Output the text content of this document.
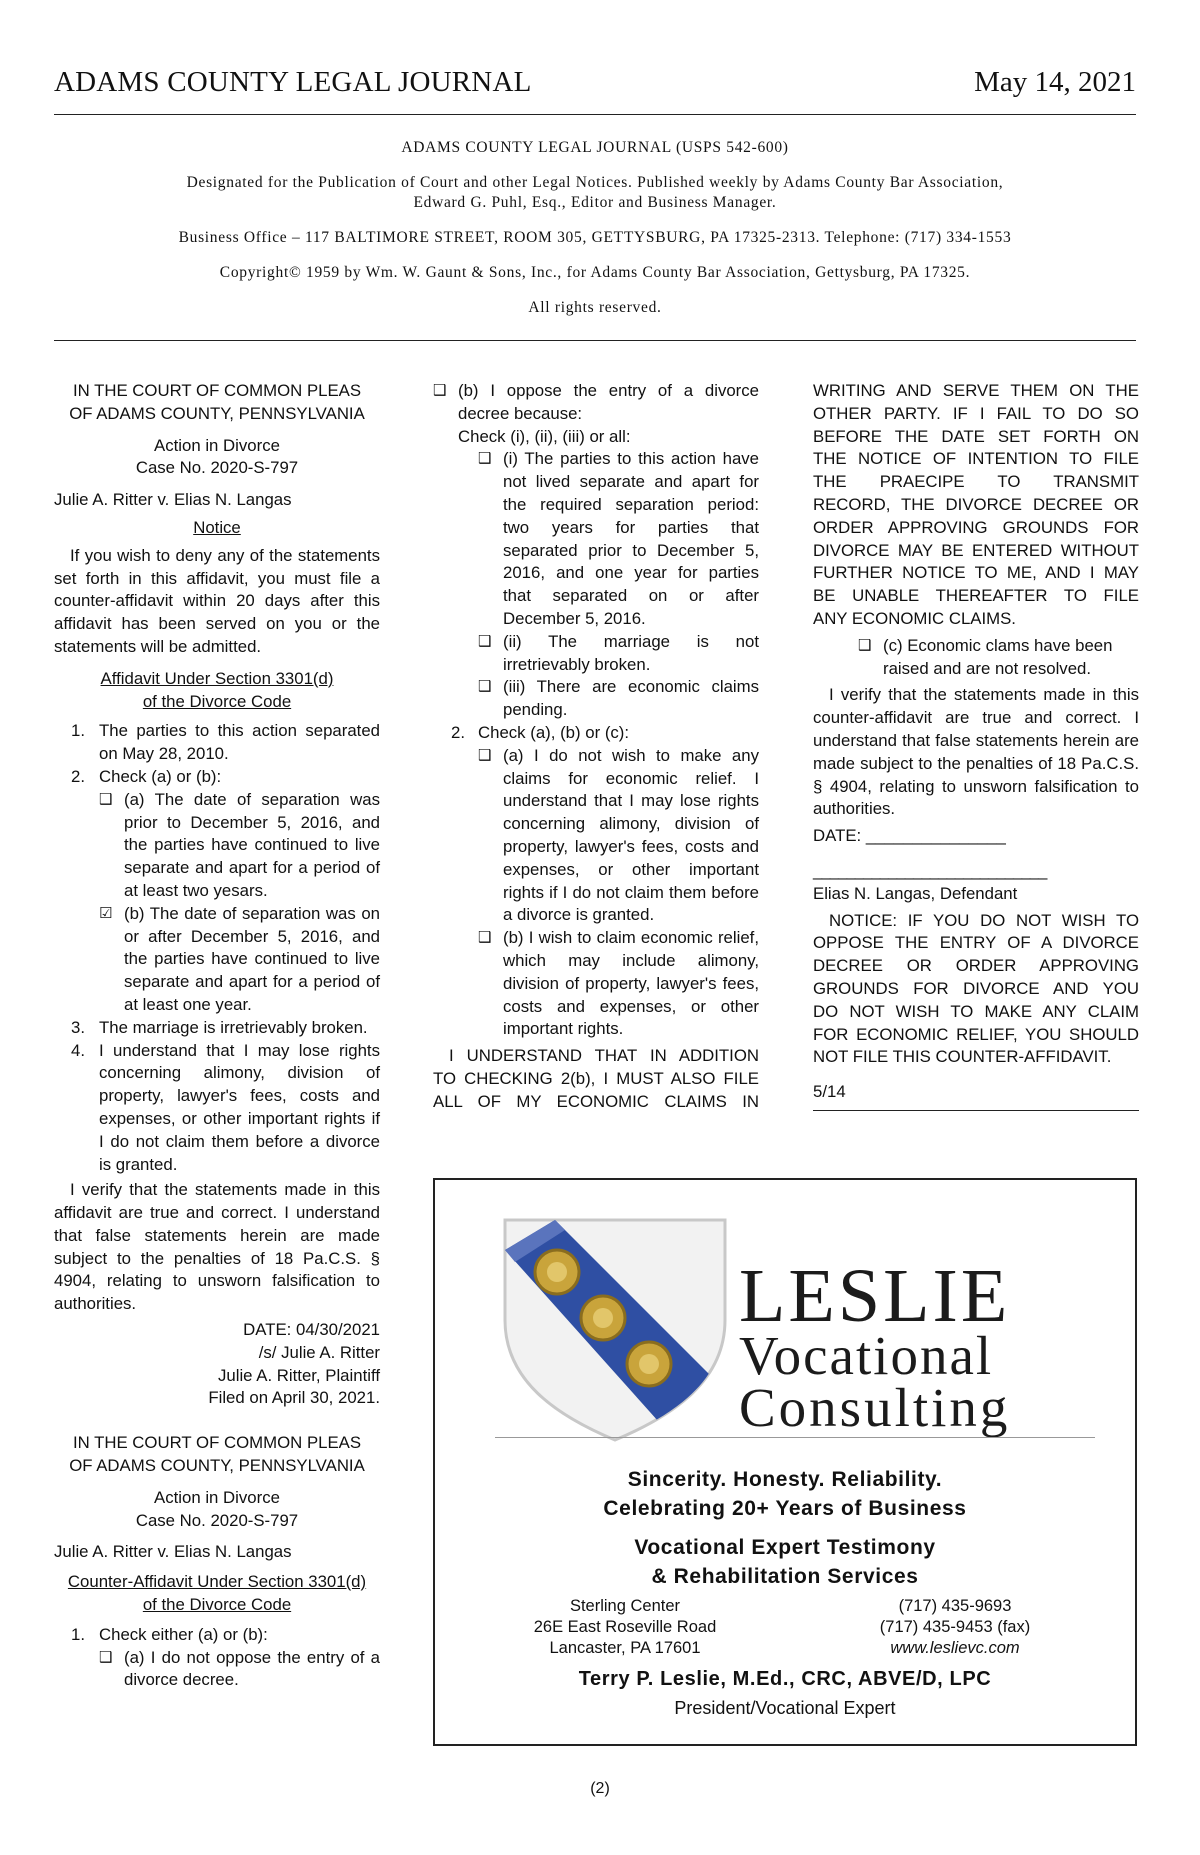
ADAMS COUNTY LEGAL JOURNAL	May 14, 2021

ADAMS COUNTY LEGAL JOURNAL (USPS 542-600)

Designated for the Publication of Court and other Legal Notices. Published weekly by Adams County Bar Association,
Edward G. Puhl, Esq., Editor and Business Manager.

Business Office – 117 BALTIMORE STREET, ROOM 305, GETTYSBURG, PA 17325-2313. Telephone: (717) 334-1553

Copyright© 1959 by Wm. W. Gaunt & Sons, Inc., for Adams County Bar Association, Gettysburg, PA 17325.

All rights reserved.

IN THE COURT OF COMMON PLEAS
OF ADAMS COUNTY, PENNSYLVANIA
Action in Divorce
Case No. 2020-S-797
Julie A. Ritter v. Elias N. Langas
Notice
If you wish to deny any of the statements set forth in this affidavit, you must file a counter-affidavit within 20 days after this affidavit has been served on you or the statements will be admitted.
Affidavit Under Section 3301(d)
of the Divorce Code
1. The parties to this action separated on May 28, 2010.
2. Check (a) or (b):
❑ (a) The date of separation was prior to December 5, 2016, and the parties have continued to live separate and apart for a period of at least two yesars.
☑ (b) The date of separation was on or after December 5, 2016, and the parties have continued to live separate and apart for a period of at least one year.
3. The marriage is irretrievably broken.
4. I understand that I may lose rights concerning alimony, division of property, lawyer's fees, costs and expenses, or other important rights if I do not claim them before a divorce is granted.
I verify that the statements made in this affidavit are true and correct. I understand that false statements herein are made subject to the penalties of 18 Pa.C.S. § 4904, relating to unsworn falsification to authorities.
DATE: 04/30/2021
/s/ Julie A. Ritter
Julie A. Ritter, Plaintiff
Filed on April 30, 2021.
IN THE COURT OF COMMON PLEAS
OF ADAMS COUNTY, PENNSYLVANIA
Action in Divorce
Case No. 2020-S-797
Julie A. Ritter v. Elias N. Langas
Counter-Affidavit Under Section 3301(d)
of the Divorce Code
1. Check either (a) or (b):
❑ (a) I do not oppose the entry of a divorce decree.
❑ (b) I oppose the entry of a divorce decree because:
Check (i), (ii), (iii) or all:
❑ (i) The parties to this action have not lived separate and apart for the required separation period: two years for parties that separated prior to December 5, 2016, and one year for parties that separated on or after December 5, 2016.
❑ (ii) The marriage is not irretrievably broken.
❑ (iii) There are economic claims pending.
2. Check (a), (b) or (c):
❑ (a) I do not wish to make any claims for economic relief. I understand that I may lose rights concerning alimony, division of property, lawyer's fees, costs and expenses, or other important rights if I do not claim them before a divorce is granted.
❑ (b) I wish to claim economic relief, which may include alimony, division of property, lawyer's fees, costs and expenses, or other important rights.
I UNDERSTAND THAT IN ADDITION
TO CHECKING 2(b), I MUST ALSO FILE
ALL OF MY ECONOMIC CLAIMS IN
WRITING AND SERVE THEM ON THE
OTHER PARTY. IF I FAIL TO DO SO
BEFORE THE DATE SET FORTH ON
THE NOTICE OF INTENTION TO FILE
THE PRAECIPE TO TRANSMIT
RECORD, THE DIVORCE DECREE OR
ORDER APPROVING GROUNDS FOR
DIVORCE MAY BE ENTERED WITHOUT
FURTHER NOTICE TO ME, AND I MAY
BE UNABLE THEREAFTER TO FILE
ANY ECONOMIC CLAIMS.
❑ (c) Economic clams have been raised and are not resolved.
I verify that the statements made in this counter-affidavit are true and correct. I understand that false statements herein are made subject to the penalties of 18 Pa.C.S. § 4904, relating to unsworn falsification to authorities.
DATE: _______________
____________________________
Elias N. Langas, Defendant
NOTICE: IF YOU DO NOT WISH TO
OPPOSE THE ENTRY OF A DIVORCE
DECREE OR ORDER APPROVING
GROUNDS FOR DIVORCE AND YOU
DO NOT WISH TO MAKE ANY CLAIM
FOR ECONOMIC RELIEF, YOU SHOULD
NOT FILE THIS COUNTER-AFFIDAVIT.
5/14
LESLIE
Vocational
Consulting
Sincerity. Honesty. Reliability.
Celebrating 20+ Years of Business
Vocational Expert Testimony
& Rehabilitation Services
Sterling Center
26E East Roseville Road
Lancaster, PA 17601
(717) 435-9693
(717) 435-9453 (fax)
www.leslievc.com
Terry P. Leslie, M.Ed., CRC, ABVE/D, LPC
President/Vocational Expert
(2)
